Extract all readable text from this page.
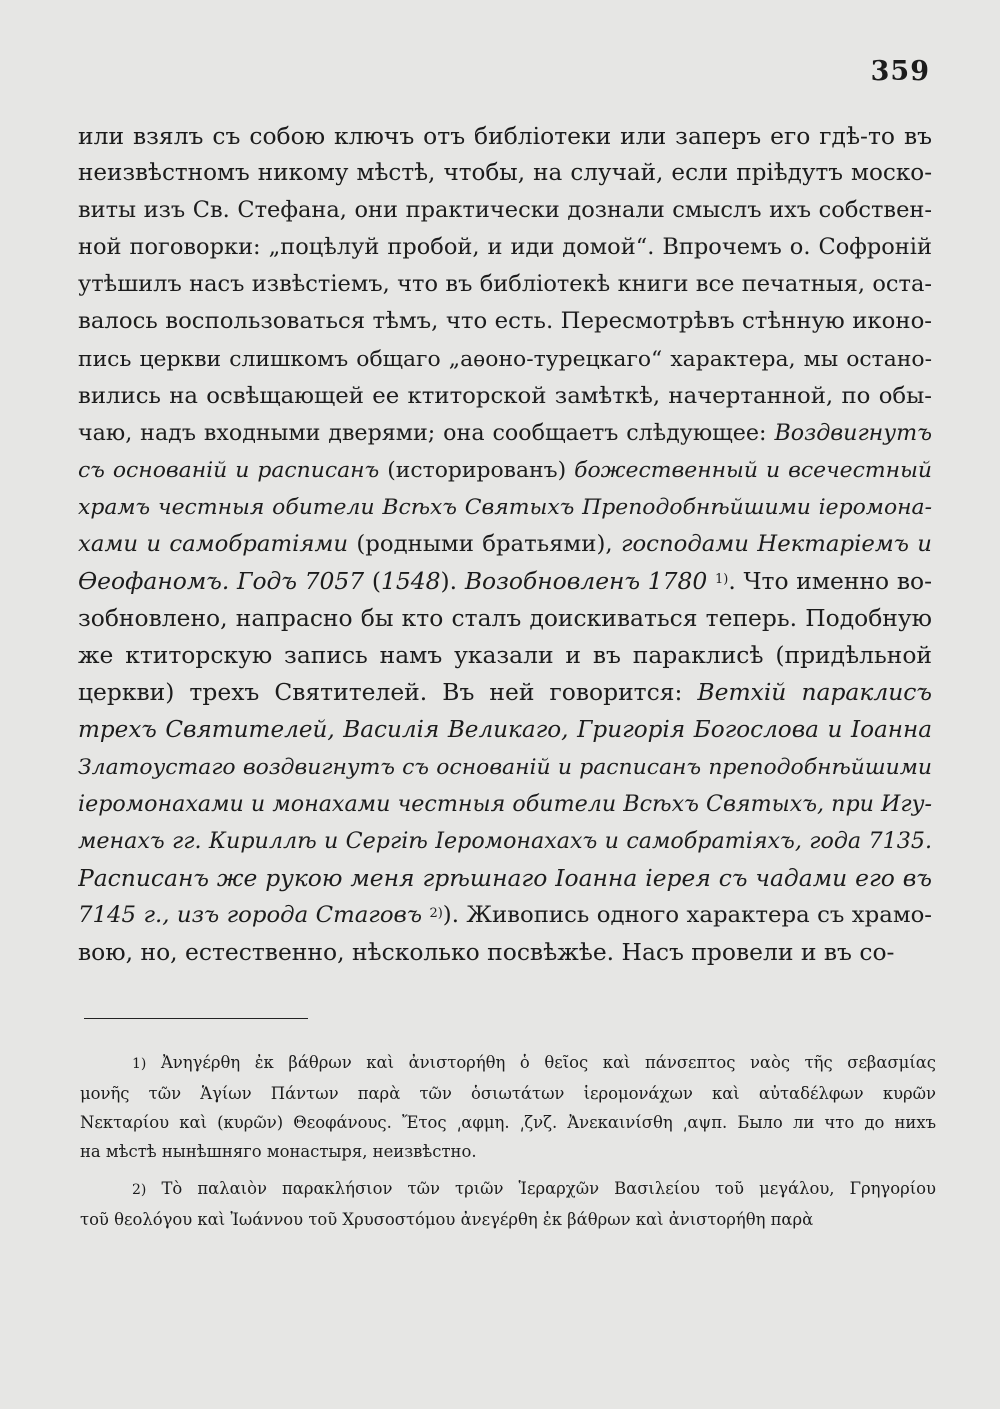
359
или взялъ съ собою ключъ отъ библіотеки или заперъ его гдѣ-то въ
неизвѣстномъ никому мѣстѣ, чтобы, на случай, если пріѣдутъ моско-
виты изъ Св. Стефана, они практически дознали смыслъ ихъ собствен-
ной поговорки: „поцѣлуй пробой, и иди домой“. Впрочемъ о. Софроній
утѣшилъ насъ извѣстіемъ, что въ библіотекѣ книги все печатныя, оста-
валось воспользоваться тѣмъ, что есть. Пересмотрѣвъ стѣнную иконо-
пись церкви слишкомъ общаго „аѳоно-турецкаго“ характера, мы остано-
вились на освѣщающей ее ктиторской замѣткѣ, начертанной, по обы-
чаю, надъ входными дверями; она сообщаетъ слѣдующее: Воздвигнутъ
съ основаній и расписанъ (исторированъ) божественный и всечестный
храмъ честныя обители Всѣхъ Святыхъ Преподобнѣйшими іеромона-
хами и самобратіями (родными братьями), господами Нектаріемъ и
Ѳеофаномъ. Годъ 7057 (1548). Возобновленъ 1780 $^{1)}$. Что именно во-
зобновлено, напрасно бы кто сталъ доискиваться теперь. Подобную
же ктиторскую запись намъ указали и въ параклисѣ (придѣльной
церкви) трехъ Святителей. Въ ней говорится: Ветхій параклисъ
трехъ Святителей, Василія Великаго, Григорія Богослова и Іоанна
Златоустаго воздвигнутъ съ основаній и расписанъ преподобнѣйшими
іеромонахами и монахами честныя обители Всѣхъ Святыхъ, при Игу-
менахъ гг. Кириллѣ и Сергіѣ Іеромонахахъ и самобратіяхъ, года 7135.
Расписанъ же рукою меня грѣшнаго Іоанна іерея съ чадами его въ
7145 г., изъ города Стаговъ $^{2)}$). Живопись одного характера съ храмо-
вою, но, естественно, нѣсколько посвѣжѣе. Насъ провели и въ со-
1) Ἀνηγέρθη ἐκ βάθρων καὶ ἀνιστορήθη ὁ θεῖος καὶ πάνσεπτος ναὸς τῆς σεβασμίας
μονῆς τῶν Ἁγίων Πάντων παρὰ τῶν ὁσιωτάτων ἱερομονάχων καὶ αὐταδέλφων κυρῶν
Νεκταρίου καὶ (κυρῶν) Θεοφάνους. Ἔτος ͵αφμη. ͵ζνζ. Ἀνεκαινίσθη ͵αψπ. Было ли что до нихъ
на мѣстѣ нынѣшняго монастыря, неизвѣстно.
2) Τὸ παλαιὸν παρακλήσιον τῶν τριῶν Ἱεραρχῶν Βασιλείου τοῦ μεγάλου, Γρηγορίου
τοῦ θεολόγου καὶ Ἰωάννου τοῦ Χρυσοστόμου ἀνεγέρθη ἐκ βάθρων καὶ ἀνιστορήθη παρὰ
